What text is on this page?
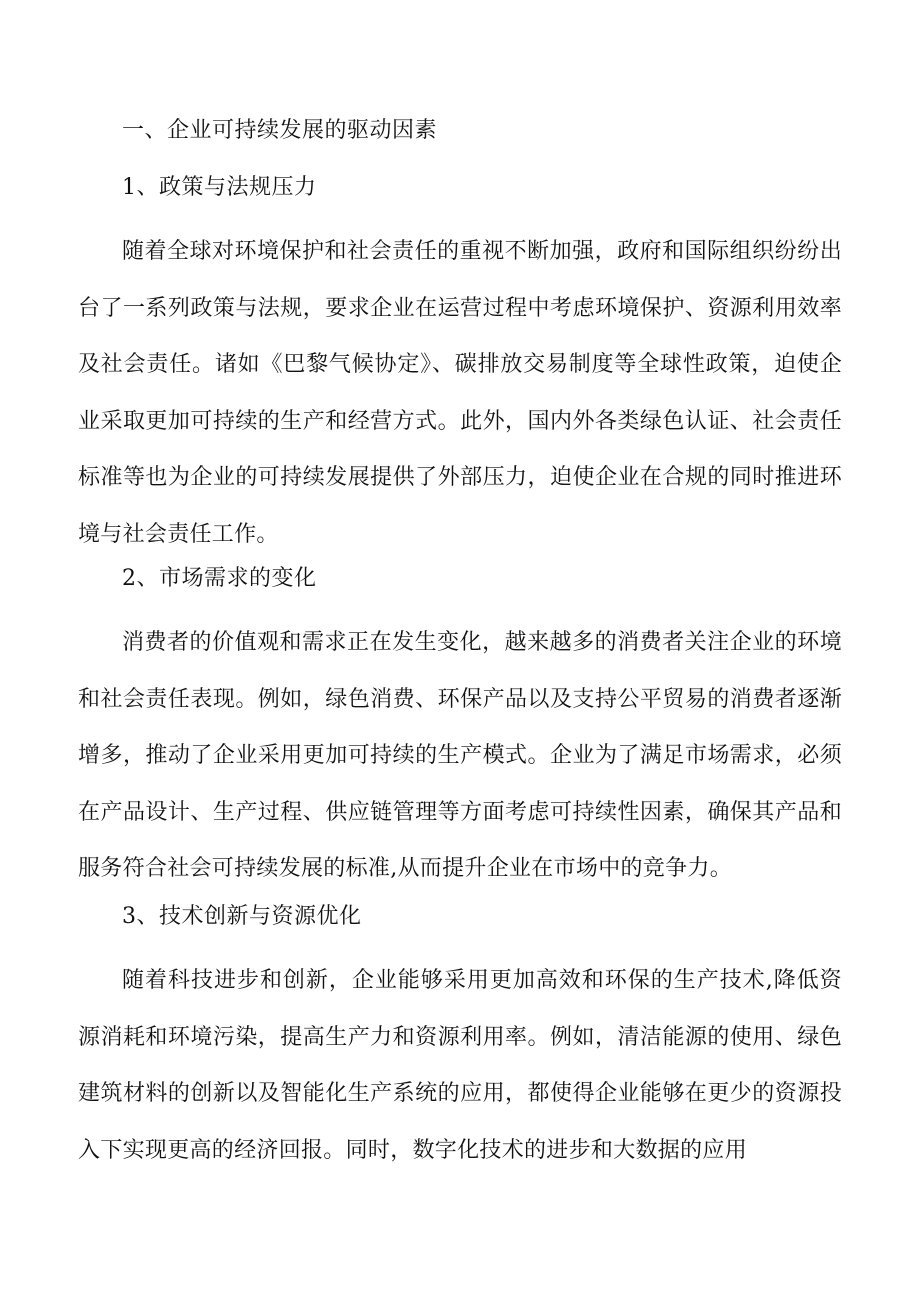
一、企业可持续发展的驱动因素
1、政策与法规压力
随着全球对环境保护和社会责任的重视不断加强，政府和国际组织纷纷出台了一系列政策与法规，要求企业在运营过程中考虑环境保护、资源利用效率及社会责任。诸如《巴黎气候协定》、碳排放交易制度等全球性政策，迫使企业采取更加可持续的生产和经营方式。此外，国内外各类绿色认证、社会责任标准等也为企业的可持续发展提供了外部压力，迫使企业在合规的同时推进环境与社会责任工作。
2、市场需求的变化
消费者的价值观和需求正在发生变化，越来越多的消费者关注企业的环境和社会责任表现。例如，绿色消费、环保产品以及支持公平贸易的消费者逐渐增多，推动了企业采用更加可持续的生产模式。企业为了满足市场需求，必须在产品设计、生产过程、供应链管理等方面考虑可持续性因素，确保其产品和服务符合社会可持续发展的标准,从而提升企业在市场中的竞争力。
3、技术创新与资源优化
随着科技进步和创新，企业能够采用更加高效和环保的生产技术,降低资源消耗和环境污染，提高生产力和资源利用率。例如，清洁能源的使用、绿色建筑材料的创新以及智能化生产系统的应用，都使得企业能够在更少的资源投入下实现更高的经济回报。同时，数字化技术的进步和大数据的应用
